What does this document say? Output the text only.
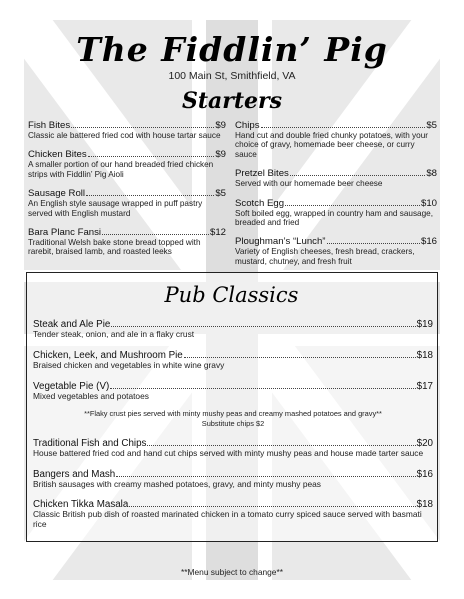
The Fiddlin’ Pig
100 Main St, Smithfield, VA
Starters
Fish Bites	$9
Classic ale battered fried cod with house tartar sauce
Chicken Bites	$9
A smaller portion of our hand breaded fried chicken strips with Fiddlin’ Pig Aioli
Sausage Roll	$5
An English style sausage wrapped in puff pastry served with English mustard
Bara Planc Fansi	$12
Traditional Welsh bake stone bread topped with rarebit, braised lamb, and roasted leeks
Chips	$5
Hand cut and double fried chunky potatoes, with your choice of gravy, homemade beer cheese, or curry sauce
Pretzel Bites	$8
Served with our homemade beer cheese
Scotch Egg	$10
Soft boiled egg, wrapped in country ham and sausage, breaded and fried
Ploughman’s “Lunch”	$16
Variety of English cheeses, fresh bread, crackers, mustard, chutney, and fresh fruit
Pub Classics
Steak and Ale Pie	$19
Tender steak, onion, and ale in a flaky crust
Chicken, Leek, and Mushroom Pie	$18
Braised chicken and vegetables in white wine gravy
Vegetable Pie (V)	$17
Mixed vegetables and potatoes
**Flaky crust pies served with minty mushy peas and creamy mashed potatoes and gravy**
Substitute chips $2
Traditional Fish and Chips	$20
House battered fried cod and hand cut chips served with minty mushy peas and house made tarter sauce
Bangers and Mash	$16
British sausages with creamy mashed potatoes, gravy, and minty mushy peas
Chicken Tikka Masala	$18
Classic British pub dish of roasted marinated chicken in a tomato curry spiced sauce served with basmati rice
**Menu subject to change**
